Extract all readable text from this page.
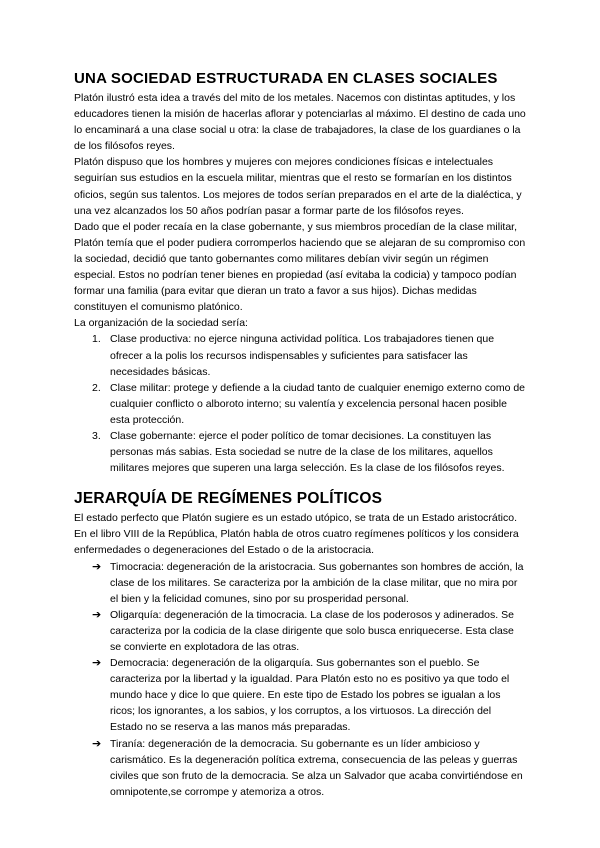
UNA SOCIEDAD ESTRUCTURADA EN CLASES SOCIALES

Platón ilustró esta idea a través del mito de los metales. Nacemos con distintas aptitudes, y los educadores tienen la misión de hacerlas aflorar y potenciarlas al máximo. El destino de cada uno lo encaminará a una clase social u otra: la clase de trabajadores, la clase de los guardianes o la de los filósofos reyes.

Platón dispuso que los hombres y mujeres con mejores condiciones físicas e intelectuales seguirían sus estudios en la escuela militar, mientras que el resto se formarían en los distintos oficios, según sus talentos. Los mejores de todos serían preparados en el arte de la dialéctica, y una vez alcanzados los 50 años podrían pasar a formar parte de los filósofos reyes.

Dado que el poder recaía en la clase gobernante, y sus miembros procedían de la clase militar, Platón temía que el poder pudiera corromperlos haciendo que se alejaran de su compromiso con la sociedad, decidió que tanto gobernantes como militares debían vivir según un régimen especial. Estos no podrían tener bienes en propiedad (así evitaba la codicia) y tampoco podían formar una familia (para evitar que dieran un trato a favor a sus hijos). Dichas medidas constituyen el comunismo platónico.

La organización de la sociedad sería:

1. Clase productiva: no ejerce ninguna actividad política. Los trabajadores tienen que ofrecer a la polis los recursos indispensables y suficientes para satisfacer las necesidades básicas.
2. Clase militar: protege y defiende a la ciudad tanto de cualquier enemigo externo como de cualquier conflicto o alboroto interno; su valentía y excelencia personal hacen posible esta protección.
3. Clase gobernante: ejerce el poder político de tomar decisiones. La constituyen las personas más sabias. Esta sociedad se nutre de la clase de los militares, aquellos militares mejores que superen una larga selección. Es la clase de los filósofos reyes.
JERARQUÍA DE REGÍMENES POLÍTICOS

El estado perfecto que Platón sugiere es un estado utópico, se trata de un Estado aristocrático. En el libro VIII de la República, Platón habla de otros cuatro regímenes políticos y los considera enfermedades o degeneraciones del Estado o de la aristocracia.

➔ Timocracia: degeneración de la aristocracia. Sus gobernantes son hombres de acción, la clase de los militares. Se caracteriza por la ambición de la clase militar, que no mira por el bien y la felicidad comunes, sino por su prosperidad personal.
➔ Oligarquía: degeneración de la timocracia. La clase de los poderosos y adinerados. Se caracteriza por la codicia de la clase dirigente que solo busca enriquecerse. Esta clase se convierte en explotadora de las otras.
➔ Democracia: degeneración de la oligarquía. Sus gobernantes son el pueblo. Se caracteriza por la libertad y la igualdad. Para Platón esto no es positivo ya que todo el mundo hace y dice lo que quiere. En este tipo de Estado los pobres se igualan a los ricos; los ignorantes, a los sabios, y los corruptos, a los virtuosos. La dirección del Estado no se reserva a las manos más preparadas.
➔ Tiranía: degeneración de la democracia. Su gobernante es un líder ambicioso y carismático. Es la degeneración política extrema, consecuencia de las peleas y guerras civiles que son fruto de la democracia. Se alza un Salvador que acaba convirtiéndose en omnipotente,se corrompe y atemoriza a otros.
